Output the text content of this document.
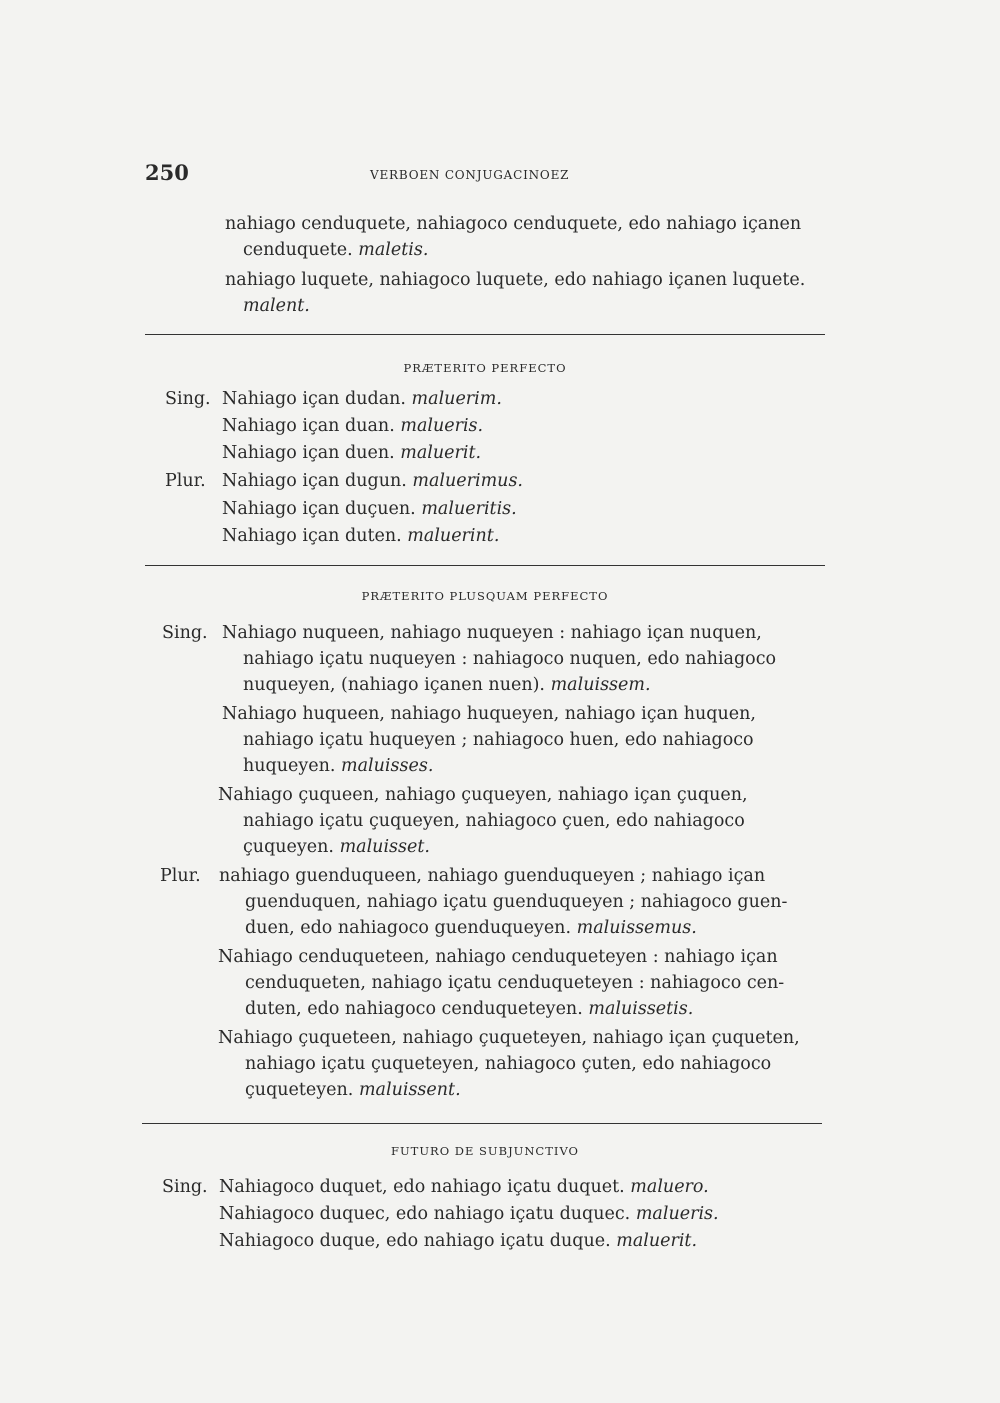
250	VERBOEN CONJUGACINOEZ
nahiago cenduquete, nahiagoco cenduquete, edo nahiago içanen
cenduquete. maletis.
nahiago luquete, nahiagoco luquete, edo nahiago içanen luquete.
malent.
PRÆTERITO PERFECTO
Sing. Nahiago içan dudan. maluerim.
Nahiago içan duan. malueris.
Nahiago içan duen. maluerit.
Plur. Nahiago içan dugun. maluerimus.
Nahiago içan duçuen. malueritis.
Nahiago içan duten. maluerint.
PRÆTERITO PLUSQUAM PERFECTO
Sing. Nahiago nuqueen, nahiago nuqueyen : nahiago içan nuquen,
nahiago içatu nuqueyen : nahiagoco nuquen, edo nahiagoco
nuqueyen, (nahiago içanen nuen). maluissem.
Nahiago huqueen, nahiago huqueyen, nahiago içan huquen,
nahiago içatu huqueyen ; nahiagoco huen, edo nahiagoco
huqueyen. maluisses.
Nahiago çuqueen, nahiago çuqueyen, nahiago içan çuquen,
nahiago içatu çuqueyen, nahiagoco çuen, edo nahiagoco
çuqueyen. maluisset.
Plur. nahiago guenduqueen, nahiago guenduqueyen ; nahiago içan
guenduquen, nahiago içatu guenduqueyen ; nahiagoco guen-
duen, edo nahiagoco guenduqueyen. maluissemus.
Nahiago cenduqueteen, nahiago cenduqueteyen : nahiago içan
cenduqueten, nahiago içatu cenduqueteyen : nahiagoco cen-
duten, edo nahiagoco cenduqueteyen. maluissetis.
Nahiago çuqueteen, nahiago çuqueteyen, nahiago içan çuqueten,
nahiago içatu çuqueteyen, nahiagoco çuten, edo nahiagoco
çuqueteyen. maluissent.
FUTURO DE SUBJUNCTIVO
Sing. Nahiagoco duquet, edo nahiago içatu duquet. maluero.
Nahiagoco duquec, edo nahiago içatu duquec. malueris.
Nahiagoco duque, edo nahiago içatu duque. maluerit.
